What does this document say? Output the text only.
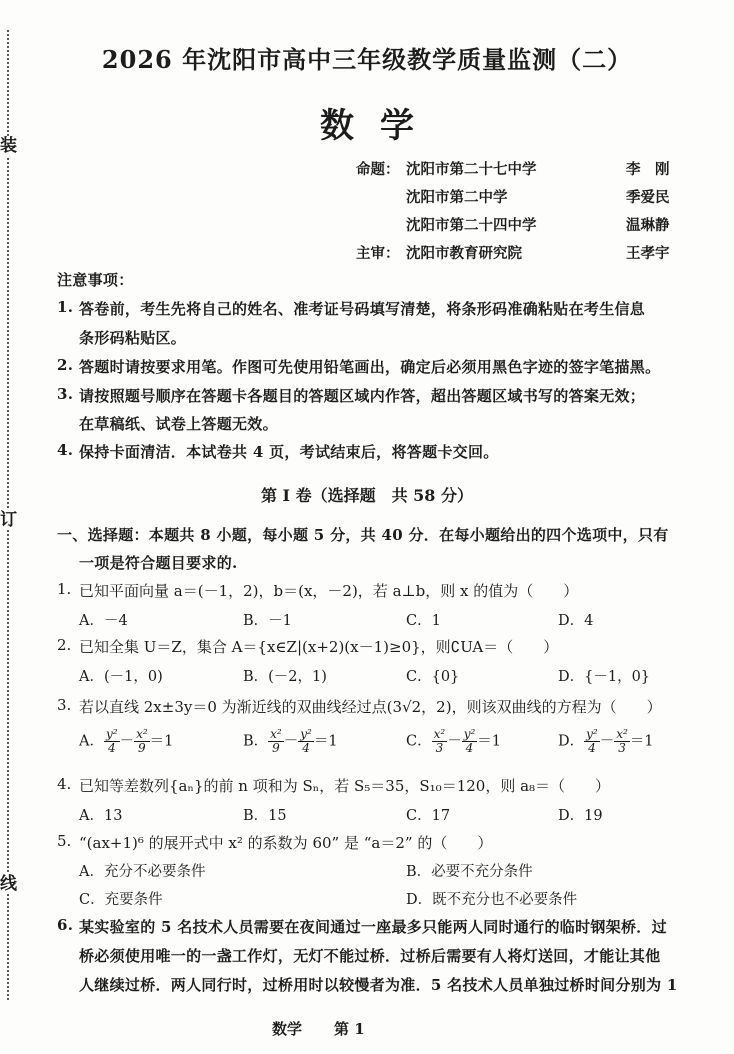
装
订
线
2026 年沈阳市高中三年级教学质量监测（二）
数学
命题： 沈阳市第二十七中学	李　刚
沈阳市第二中学	季爱民
沈阳市第二十四中学	温琳静
主审： 沈阳市教育研究院	王孝宇
注意事项：
1. 答卷前，考生先将自己的姓名、准考证号码填写清楚，将条形码准确粘贴在考生信息
条形码粘贴区。
2. 答题时请按要求用笔。作图可先使用铅笔画出，确定后必须用黑色字迹的签字笔描黑。
3. 请按照题号顺序在答题卡各题目的答题区域内作答，超出答题区域书写的答案无效；
在草稿纸、试卷上答题无效。
4. 保持卡面清洁．本试卷共 4 页，考试结束后，将答题卡交回。
第 I 卷（选择题　共 58 分）
一、选择题：本题共 8 小题，每小题 5 分，共 40 分．在每小题给出的四个选项中，只有
一项是符合题目要求的.
1. 已知平面向量 a＝(－1，2)，b＝(x，－2)，若 a⊥b，则 x 的值为（　　）
A．－4	B．－1	C．1	D．4
2. 已知全集 U＝Z，集合 A＝{x∈Z|(x+2)(x－1)≥0}，则∁UA＝（　　）
A．(－1，0)	B．(－2，1)	C．{0}	D．{－1，0}
3. 若以直线 2x±3y＝0 为渐近线的双曲线经过点(3√2，2)，则该双曲线的方程为（　　）
A． $\frac{\text{y²}}{4} - \frac{\text{x²}}{9} =1$	B． $\frac{\text{x²}}{9} - \frac{\text{y²}}{4} =1$	C． $\frac{\text{x²}}{3} - \frac{\text{y²}}{4} =1$	D． $\frac{\text{y²}}{4} - \frac{\text{x²}}{3} =1$
4. 已知等差数列{aₙ}的前 n 项和为 Sₙ，若 S₅＝35，S₁₀＝120，则 a₈＝（　　）
A．13	B．15	C．17	D．19
5. “(ax+1)⁶ 的展开式中 x² 的系数为 60” 是 “a＝2” 的（　　）
A．充分不必要条件	B．必要不充分条件
C．充要条件	D．既不充分也不必要条件
6. 某实验室的 5 名技术人员需要在夜间通过一座最多只能两人同时通行的临时钢架桥．过
桥必须使用唯一的一盏工作灯，无灯不能过桥．过桥后需要有人将灯送回，才能让其他
人继续过桥．两人同行时，过桥用时以较慢者为准．5 名技术人员单独过桥时间分别为 1
数学 第 1
